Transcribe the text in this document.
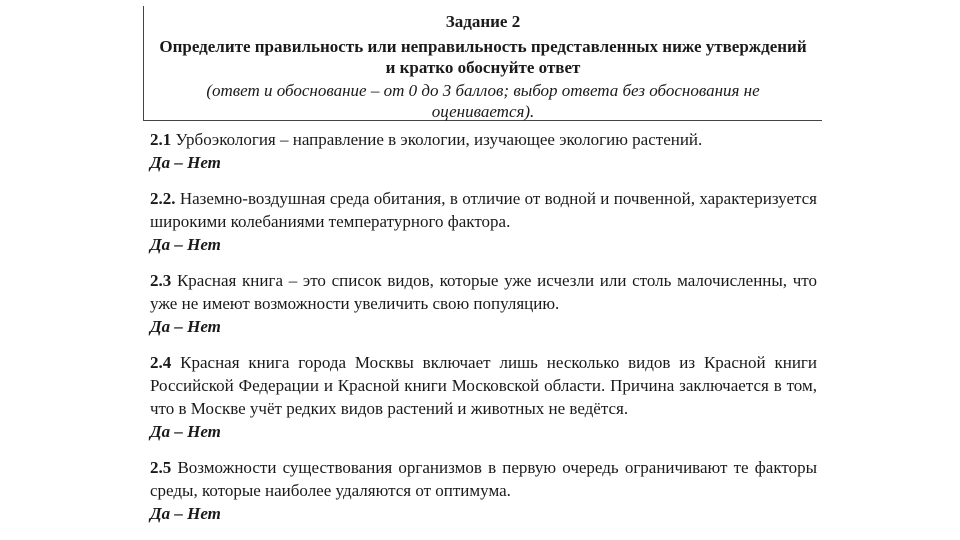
Задание 2
Определите правильность или неправильность представленных ниже утверждений и кратко обоснуйте ответ
(ответ и обоснование – от 0 до 3 баллов; выбор ответа без обоснования не оценивается).

2.1 Урбоэкология – направление в экологии, изучающее экологию растений.

Да – Нет

2.2. Наземно-воздушная среда обитания, в отличие от водной и почвенной, характеризуется широкими колебаниями температурного фактора.

Да – Нет

2.3 Красная книга – это список видов, которые уже исчезли или столь малочисленны, что уже не имеют возможности увеличить свою популяцию.

Да – Нет

2.4 Красная книга города Москвы включает лишь несколько видов из Красной книги Российской Федерации и Красной книги Московской области. Причина заключается в том, что в Москве учёт редких видов растений и животных не ведётся.

Да – Нет

2.5 Возможности существования организмов в первую очередь ограничивают те факторы среды, которые наиболее удаляются от оптимума.

Да – Нет
